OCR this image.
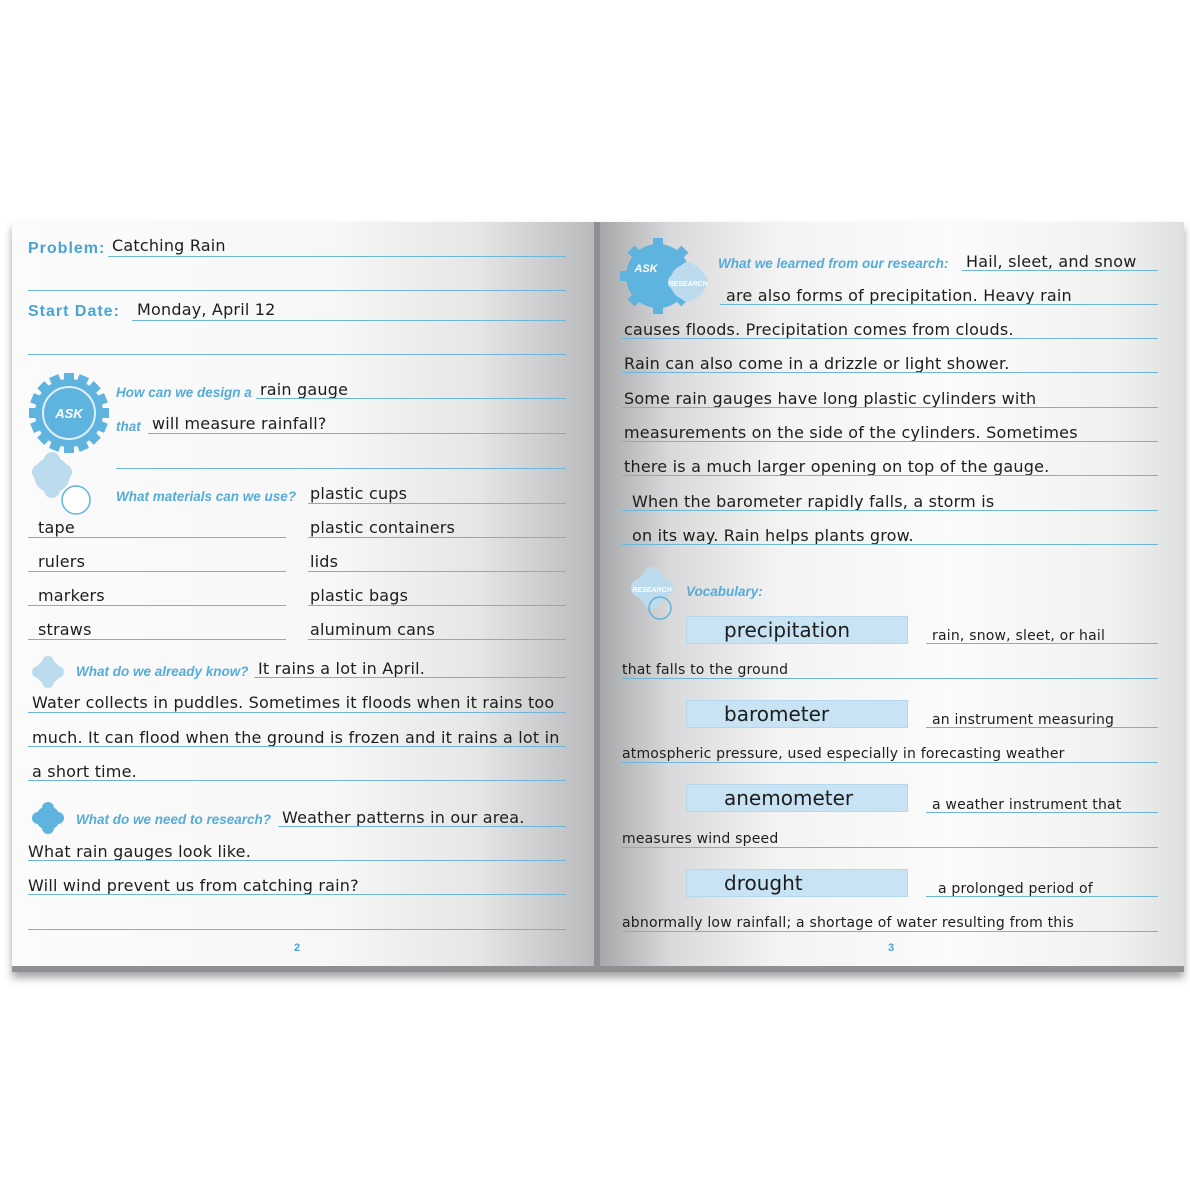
Problem: Catching Rain
Start Date: Monday, April 12
ASK
How can we design a rain gauge
that will measure rainfall?
What materials can we use? plastic cups
tape	plastic containers
rulers	lids
markers	plastic bags
straws	aluminum cans
What do we already know? It rains a lot in April.
Water collects in puddles. Sometimes it floods when it rains too
much. It can flood when the ground is frozen and it rains a lot in
a short time.
What do we need to research? Weather patterns in our area.
What rain gauges look like.
Will wind prevent us from catching rain?
2
ASK
RESEARCH
What we learned from our research: Hail, sleet, and snow
are also forms of precipitation. Heavy rain
causes floods. Precipitation comes from clouds.
Rain can also come in a drizzle or light shower.
Some rain gauges have long plastic cylinders with
measurements on the side of the cylinders. Sometimes
there is a much larger opening on top of the gauge.
When the barometer rapidly falls, a storm is
on its way. Rain helps plants grow.
RESEARCH Vocabulary:
precipitation	rain, snow, sleet, or hail
that falls to the ground
barometer	an instrument measuring
atmospheric pressure, used especially in forecasting weather
anemometer	a weather instrument that
measures wind speed
drought	a prolonged period of
abnormally low rainfall; a shortage of water resulting from this
3
